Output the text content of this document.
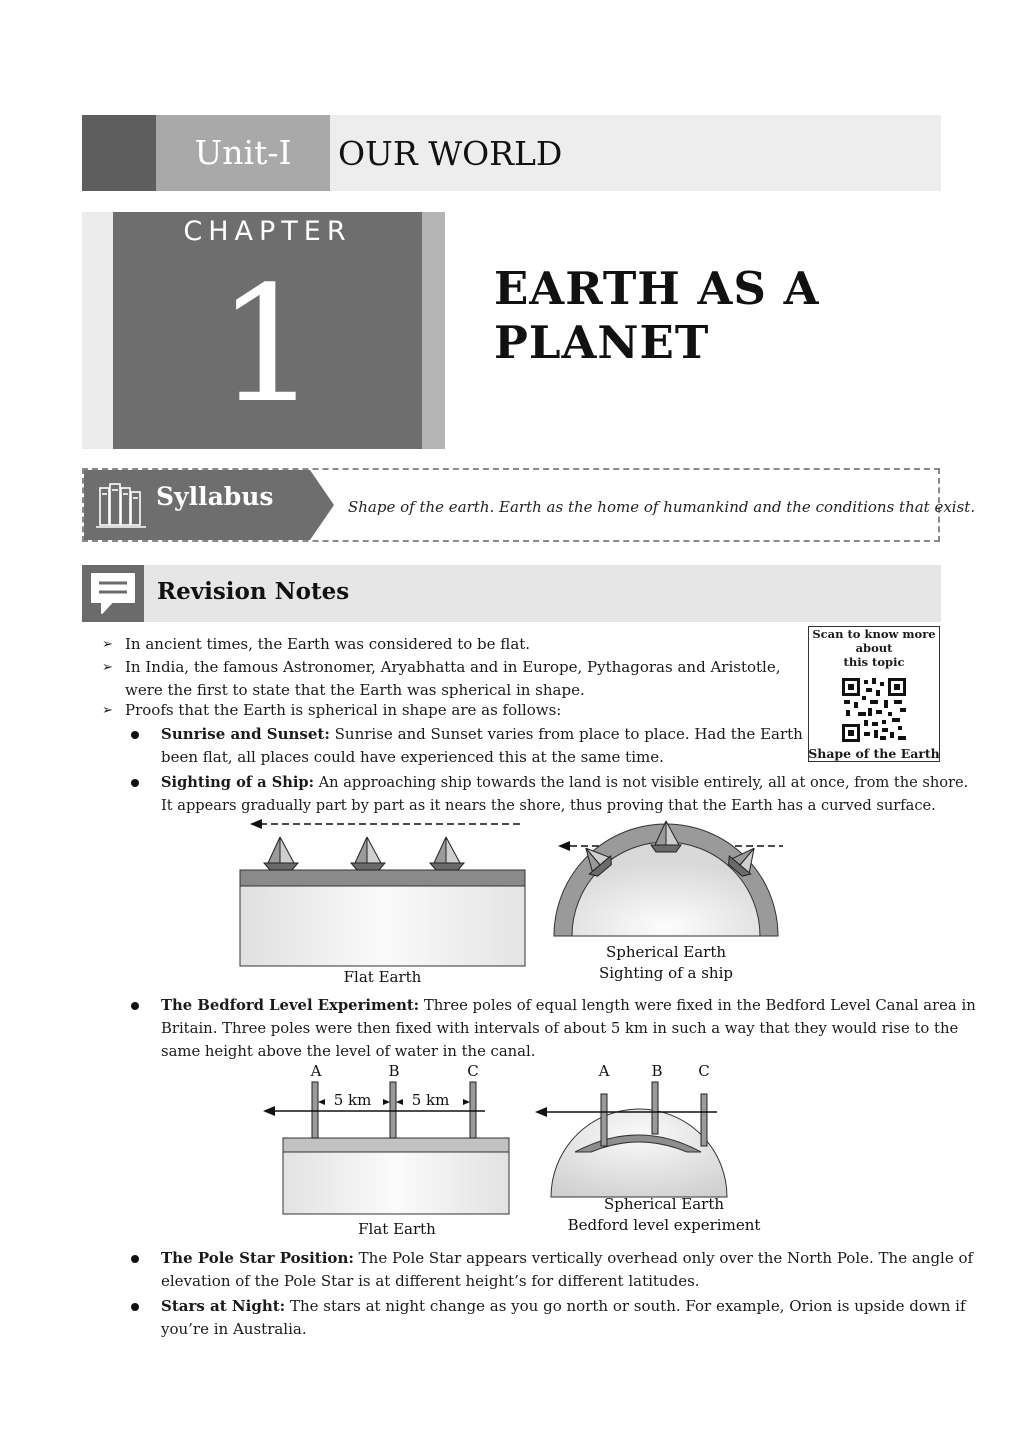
Unit-I	OUR WORLD
CHAPTER
1	EARTH AS A
PLANET
Syllabus	Shape of the earth. Earth as the home of humankind and the conditions that exist.
Revision Notes
Scan to know more
about
this topic
Shape of the Earth
➢ In ancient times, the Earth was considered to be flat.
➢ In India, the famous Astronomer, Aryabhatta and in Europe, Pythagoras and Aristotle,
were the first to state that the Earth was spherical in shape.
➢ Proofs that the Earth is spherical in shape are as follows:
Sunrise and Sunset: Sunrise and Sunset varies from place to place. Had the Earth
been flat, all places could have experienced this at the same time.
Sighting of a Ship: An approaching ship towards the land is not visible entirely, all at once, from the shore.
It appears gradually part by part as it nears the shore, thus proving that the Earth has a curved surface.
Flat Earth
Spherical Earth
Sighting of a ship
The Bedford Level Experiment: Three poles of equal length were fixed in the Bedford Level Canal area in
Britain. Three poles were then fixed with intervals of about 5 km in such a way that they would rise to the
same height above the level of water in the canal.
A	B	C
5 km	5 km
A	B C
Flat Earth
Spherical Earth
Bedford level experiment
The Pole Star Position: The Pole Star appears vertically overhead only over the North Pole. The angle of
elevation of the Pole Star is at different height’s for different latitudes.
Stars at Night: The stars at night change as you go north or south. For example, Orion is upside down if
you’re in Australia.
